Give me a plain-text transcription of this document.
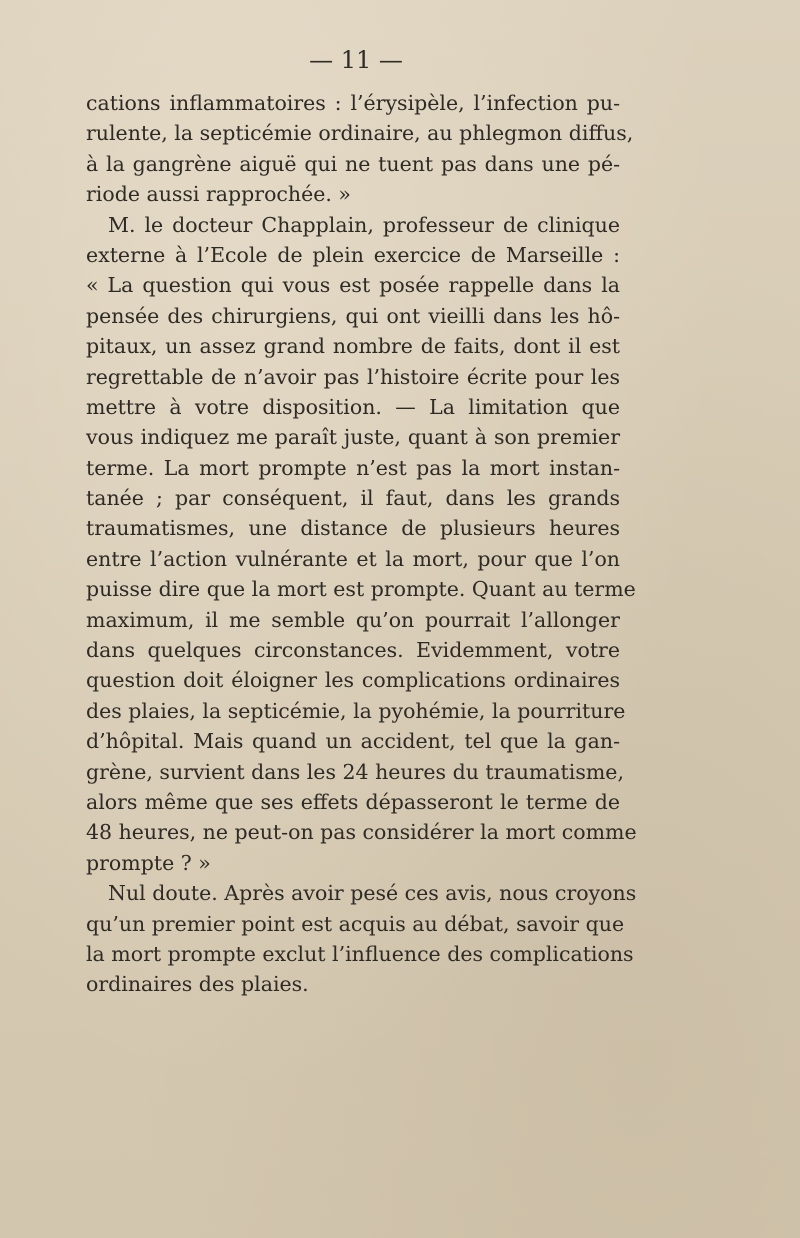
— 11 —
cations inflammatoires : l’érysipèle, l’infection pu-
rulente, la septicémie ordinaire, au phlegmon diffus,
à la gangrène aiguë qui ne tuent pas dans une pé-
riode aussi rapprochée. »
M. le docteur Chapplain, professeur de clinique
externe à l’Ecole de plein exercice de Marseille :
« La question qui vous est posée rappelle dans la
pensée des chirurgiens, qui ont vieilli dans les hô-
pitaux, un assez grand nombre de faits, dont il est
regrettable de n’avoir pas l’histoire écrite pour les
mettre à votre disposition. — La limitation que
vous indiquez me paraît juste, quant à son premier
terme. La mort prompte n’est pas la mort instan-
tanée ; par conséquent, il faut, dans les grands
traumatismes, une distance de plusieurs heures
entre l’action vulnérante et la mort, pour que l’on
puisse dire que la mort est prompte. Quant au terme
maximum, il me semble qu’on pourrait l’allonger
dans quelques circonstances. Evidemment, votre
question doit éloigner les complications ordinaires
des plaies, la septicémie, la pyohémie, la pourriture
d’hôpital. Mais quand un accident, tel que la gan-
grène, survient dans les 24 heures du traumatisme,
alors même que ses effets dépasseront le terme de
48 heures, ne peut-on pas considérer la mort comme
prompte ? »
Nul doute. Après avoir pesé ces avis, nous croyons
qu’un premier point est acquis au débat, savoir que
la mort prompte exclut l’influence des complications
ordinaires des plaies.
